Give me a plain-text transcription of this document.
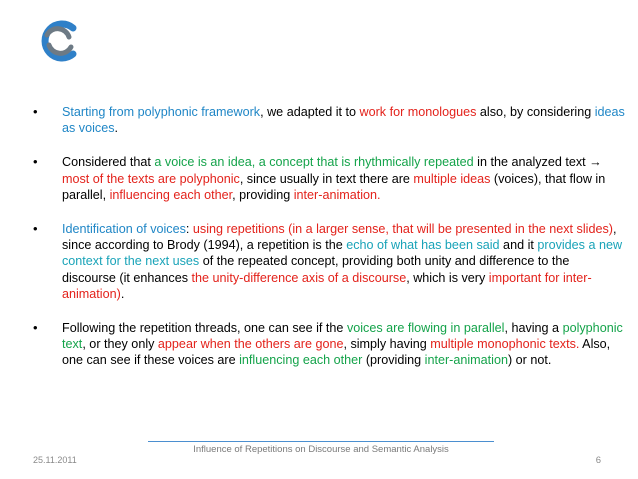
• Starting from polyphonic framework, we adapted it to work for monologues also, by considering ideas as voices.
• Considered that a voice is an idea, a concept that is rhythmically repeated in the analyzed text → most of the texts are polyphonic, since usually in text there are multiple ideas (voices), that flow in parallel, influencing each other, providing inter-animation.
• Identification of voices: using repetitions (in a larger sense, that will be presented in the next slides), since according to Brody (1994), a repetition is the echo of what has been said and it provides a new context for the next uses of the repeated concept, providing both unity and difference to the discourse (it enhances the unity-difference axis of a discourse, which is very important for inter-animation).
• Following the repetition threads, one can see if the voices are flowing in parallel, having a polyphonic text, or they only appear when the others are gone, simply having multiple monophonic texts. Also, one can see if these voices are influencing each other (providing inter-animation) or not.
25.11.2011
Influence of Repetitions on Discourse and Semantic Analysis
6
